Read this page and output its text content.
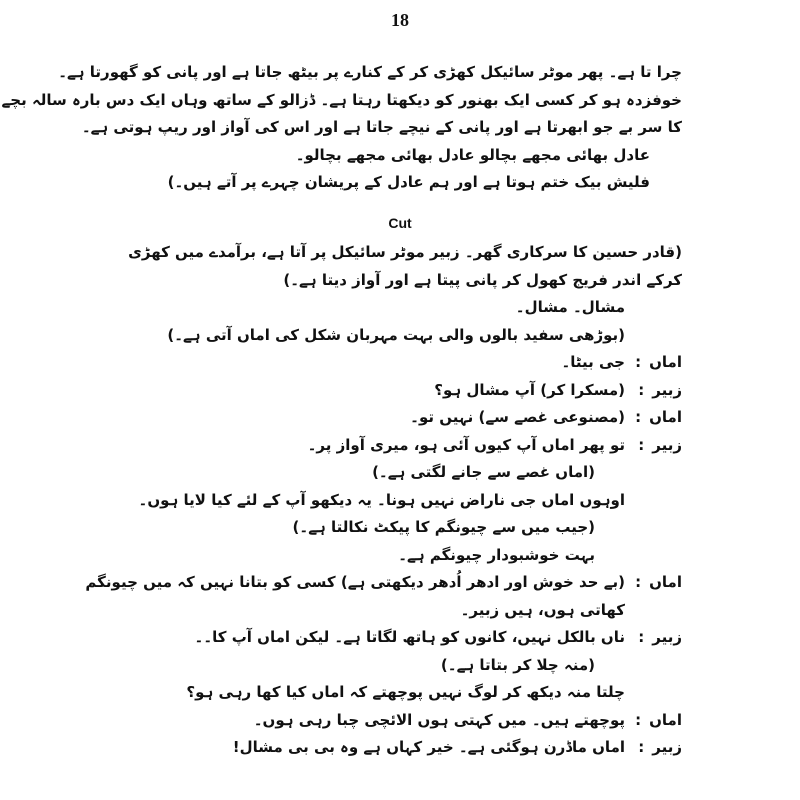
18
چرا تا ہے۔ پھر موٹر سائیکل کھڑی کر کے کنارے پر بیٹھ جاتا ہے اور پانی کو گھورتا ہے۔
خوفزدہ ہو کر کسی ایک بھنور کو دیکھتا رہتا ہے۔ ڈزالو کے ساتھ وہاں ایک دس بارہ سالہ بچے
کا سر بے جو ابھرتا ہے اور پانی کے نیچے جاتا ہے اور اس کی آواز اور ریپ ہوتی ہے۔
عادل بھائی مجھے بچالو عادل بھائی مجھے بچالو۔
فلیش بیک ختم ہوتا ہے اور ہم عادل کے پریشان چہرے پر آتے ہیں۔)
Cut
(قادر حسین کا سرکاری گھر۔ زبیر موٹر سائیکل پر آتا ہے، برآمدے میں کھڑی
کرکے اندر فریج کھول کر پانی پیتا ہے اور آواز دیتا ہے۔)
مشال۔ مشال۔
(بوڑھی سفید بالوں والی بہت مہربان شکل کی اماں آتی ہے۔)
اماں:
جی بیٹا۔
زبیر:
(مسکرا کر) آپ مشال ہو؟
اماں:
(مصنوعی غصے سے) نہیں تو۔
زبیر:
تو پھر اماں آپ کیوں آئی ہو، میری آواز پر۔
(اماں غصے سے جانے لگتی ہے۔)
اوہوں اماں جی ناراض نہیں ہونا۔ یہ دیکھو آپ کے لئے کیا لایا ہوں۔
(جیب میں سے چیونگم کا پیکٹ نکالتا ہے۔)
بہت خوشبودار چیونگم ہے۔
اماں:
(بے حد خوش اور ادھر اُدھر دیکھتی ہے) کسی کو بتانا نہیں کہ میں چیونگم
کھاتی ہوں، ہیں زبیر۔
زبیر:
ناں بالکل نہیں، کانوں کو ہاتھ لگاتا ہے۔ لیکن اماں آپ کا۔۔
(منہ چلا کر بتاتا ہے۔)
چلتا منہ دیکھ کر لوگ نہیں پوچھتے کہ اماں کیا کھا رہی ہو؟
اماں:
پوچھتے ہیں۔ میں کہتی ہوں الائچی چبا رہی ہوں۔
زبیر:
اماں ماڈرن ہوگئی ہے۔ خیر کہاں ہے وہ بی بی مشال!
